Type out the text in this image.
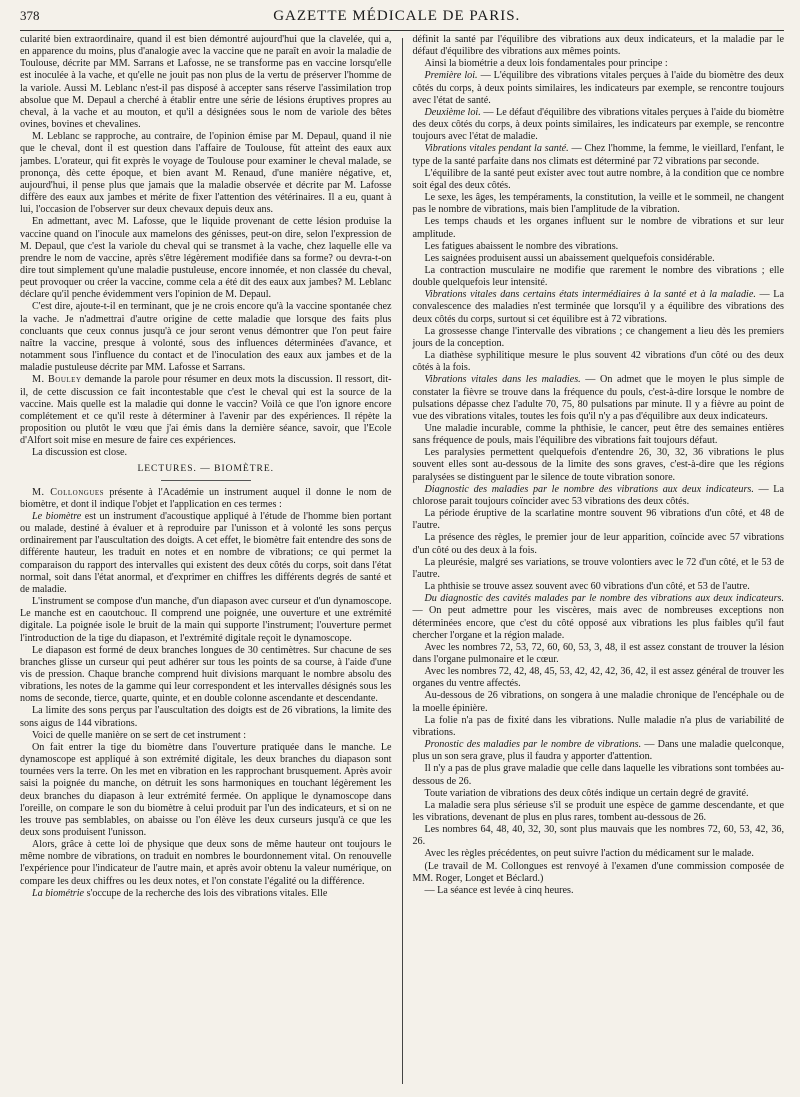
378	GAZETTE MÉDICALE DE PARIS.

cularité bien extraordinaire, quand il est bien démontré aujourd'hui que la clavelée, qui a, en apparence du moins, plus d'analogie avec la vaccine que ne paraît en avoir la maladie de Toulouse, décrite par MM. Sarrans et Lafosse, ne se transforme pas en vaccine lorsqu'elle est inoculée à la vache, et qu'elle ne jouit pas non plus de la vertu de préserver l'homme de la variole. Aussi M. Leblanc n'est-il pas disposé à accepter sans réserve l'assimilation trop absolue que M. Depaul a cherché à établir entre une série de lésions éruptives propres au cheval, à la vache et au mouton, et qu'il a désignées sous le nom de variole des bêtes ovines, bovines et chevalines.

M. Leblanc se rapproche, au contraire, de l'opinion émise par M. Depaul, quand il nie que le cheval, dont il est question dans l'affaire de Toulouse, fût atteint des eaux aux jambes. L'orateur, qui fit exprès le voyage de Toulouse pour examiner le cheval malade, se prononça, dès cette époque, et bien avant M. Renaud, d'une manière négative, et, aujourd'hui, il pense plus que jamais que la maladie observée et décrite par M. Lafosse diffère des eaux aux jambes et mérite de fixer l'attention des vétérinaires. Il a eu, quant à lui, l'occasion de l'observer sur deux chevaux depuis deux ans.

En admettant, avec M. Lafosse, que le liquide provenant de cette lésion produise la vaccine quand on l'inocule aux mamelons des génisses, peut-on dire, selon l'expression de M. Depaul, que c'est la variole du cheval qui se transmet à la vache, chez laquelle elle va prendre le nom de vaccine, après s'être légèrement modifiée dans sa forme? ou devra-t-on dire tout simplement qu'une maladie pustuleuse, encore innomée, et non classée du cheval, peut provoquer ou créer la vaccine, comme cela a été dit des eaux aux jambes? M. Leblanc déclare qu'il penche évidemment vers l'opinion de M. Depaul.

C'est dire, ajoute-t-il en terminant, que je ne crois encore qu'à la vaccine spontanée chez la vache. Je n'admettrai d'autre origine de cette maladie que lorsque des faits plus concluants que ceux connus jusqu'à ce jour seront venus démontrer que l'on peut faire naître la vaccine, presque à volonté, sous des influences déterminées d'avance, et notamment sous l'influence du contact et de l'inoculation des eaux aux jambes et de la maladie pustuleuse décrite par MM. Lafosse et Sarrans.

M. Bouley demande la parole pour résumer en deux mots la discussion. Il ressort, dit-il, de cette discussion ce fait incontestable que c'est le cheval qui est la source de la vaccine. Mais quelle est la maladie qui donne le vaccin? Voilà ce que l'on ignore encore complétement et ce qu'il reste à déterminer à l'avenir par des expériences. Il répète la proposition ou plutôt le vœu que j'ai émis dans la dernière séance, savoir, que l'Ecole d'Alfort soit mise en mesure de faire ces expériences.

La discussion est close.

LECTURES. — BIOMÈTRE.

M. Collongues présente à l'Académie un instrument auquel il donne le nom de biomètre, et dont il indique l'objet et l'application en ces termes :

Le biomètre est un instrument d'acoustique appliqué à l'étude de l'homme bien portant ou malade, destiné à évaluer et à reproduire par l'unisson et à volonté les sons perçus ordinairement par l'auscultation des doigts. A cet effet, le biomètre fait entendre des sons de différente hauteur, les traduit en notes et en nombre de vibrations; ce qui permet la comparaison du rapport des intervalles qui existent des deux côtés du corps, soit dans l'état normal, soit dans l'état anormal, et d'exprimer en chiffres les différents degrés de santé et de maladie.

L'instrument se compose d'un manche, d'un diapason avec curseur et d'un dynamoscope. Le manche est en caoutchouc. Il comprend une poignée, une ouverture et une extrémité digitale. La poignée isole le bruit de la main qui supporte l'instrument; l'ouverture permet l'introduction de la tige du diapason, et l'extrémité digitale reçoit le dynamoscope.

Le diapason est formé de deux branches longues de 30 centimètres. Sur chacune de ses branches glisse un curseur qui peut adhérer sur tous les points de sa course, à l'aide d'une vis de pression. Chaque branche comprend huit divisions marquant le nombre absolu des vibrations, les notes de la gamme qui leur correspondent et les intervalles désignés sous les noms de seconde, tierce, quarte, quinte, et en double colonne ascendante et descendante.

La limite des sons perçus par l'auscultation des doigts est de 26 vibrations, la limite des sons aigus de 144 vibrations.

Voici de quelle manière on se sert de cet instrument :

On fait entrer la tige du biomètre dans l'ouverture pratiquée dans le manche. Le dynamoscope est appliqué à son extrémité digitale, les deux branches du diapason sont tournées vers la terre. On les met en vibration en les rapprochant brusquement. Après avoir saisi la poignée du manche, on détruit les sons harmoniques en touchant légèrement les deux branches du diapason à leur extrémité fermée. On applique le dynamoscope dans l'oreille, on compare le son du biomètre à celui produit par l'un des indicateurs, et si on ne les trouve pas semblables, on abaisse ou l'on élève les deux curseurs jusqu'à ce que les deux sons produisent l'unisson.

Alors, grâce à cette loi de physique que deux sons de même hauteur ont toujours le même nombre de vibrations, on traduit en nombres le bourdonnement vital. On renouvelle l'expérience pour l'indicateur de l'autre main, et après avoir obtenu la valeur numérique, on compare les deux chiffres ou les deux notes, et l'on constate l'égalité ou la différence.

La biométrie s'occupe de la recherche des lois des vibrations vitales. Elle

définit la santé par l'équilibre des vibrations aux deux indicateurs, et la maladie par le défaut d'équilibre des vibrations aux mêmes points.

Ainsi la biométrie a deux lois fondamentales pour principe :

Première loi. — L'équilibre des vibrations vitales perçues à l'aide du biomètre des deux côtés du corps, à deux points similaires, les indicateurs par exemple, se rencontre toujours avec l'état de santé.

Deuxième loi. — Le défaut d'équilibre des vibrations vitales perçues à l'aide du biomètre des deux côtés du corps, à deux points similaires, les indicateurs par exemple, se rencontre toujours avec l'état de maladie.

Vibrations vitales pendant la santé. — Chez l'homme, la femme, le vieillard, l'enfant, le type de la santé parfaite dans nos climats est déterminé par 72 vibrations par seconde.

L'équilibre de la santé peut exister avec tout autre nombre, à la condition que ce nombre soit égal des deux côtés.

Le sexe, les âges, les tempéraments, la constitution, la veille et le sommeil, ne changent pas le nombre de vibrations, mais bien l'amplitude de la vibration.

Les temps chauds et les organes influent sur le nombre de vibrations et sur leur amplitude.

Les fatigues abaissent le nombre des vibrations.

Les saignées produisent aussi un abaissement quelquefois considérable.

La contraction musculaire ne modifie que rarement le nombre des vibrations ; elle double quelquefois leur intensité.

Vibrations vitales dans certains états intermédiaires à la santé et à la maladie. — La convalescence des maladies n'est terminée que lorsqu'il y a équilibre des vibrations des deux côtés du corps, surtout si cet équilibre est à 72 vibrations.

La grossesse change l'intervalle des vibrations ; ce changement a lieu dès les premiers jours de la conception.

La diathèse syphilitique mesure le plus souvent 42 vibrations d'un côté ou des deux côtés à la fois.

Vibrations vitales dans les maladies. — On admet que le moyen le plus simple de constater la fièvre se trouve dans la fréquence du pouls, c'est-à-dire lorsque le nombre de pulsations dépasse chez l'adulte 70, 75, 80 pulsations par minute. Il y a fièvre au point de vue des vibrations vitales, toutes les fois qu'il n'y a pas d'équilibre aux deux indicateurs.

Une maladie incurable, comme la phthisie, le cancer, peut être des semaines entières sans fréquence de pouls, mais l'équilibre des vibrations fait toujours défaut.

Les paralysies permettent quelquefois d'entendre 26, 30, 32, 36 vibrations le plus souvent elles sont au-dessous de la limite des sons graves, c'est-à-dire que les régions paralysées se distinguent par le silence de toute vibration sonore.

Diagnostic des maladies par le nombre des vibrations aux deux indicateurs. — La chlorose parait toujours coïncider avec 53 vibrations des deux côtés.

La période éruptive de la scarlatine montre souvent 96 vibrations d'un côté, et 48 de l'autre.

La présence des règles, le premier jour de leur apparition, coïncide avec 57 vibrations d'un côté ou des deux à la fois.

La pleurésie, malgré ses variations, se trouve volontiers avec le 72 d'un côté, et le 53 de l'autre.

La phthisie se trouve assez souvent avec 60 vibrations d'un côté, et 53 de l'autre.

Du diagnostic des cavités malades par le nombre des vibrations aux deux indicateurs. — On peut admettre pour les viscères, mais avec de nombreuses exceptions non déterminées encore, que c'est du côté opposé aux vibrations les plus faibles qu'il faut chercher l'organe et la région malade.

Avec les nombres 72, 53, 72, 60, 60, 53, 3, 48, il est assez constant de trouver la lésion dans l'organe pulmonaire et le cœur.

Avec les nombres 72, 42, 48, 45, 53, 42, 42, 42, 36, 42, il est assez général de trouver les organes du ventre affectés.

Au-dessous de 26 vibrations, on songera à une maladie chronique de l'encéphale ou de la moelle épinière.

La folie n'a pas de fixité dans les vibrations. Nulle maladie n'a plus de variabilité de vibrations.

Pronostic des maladies par le nombre de vibrations. — Dans une maladie quelconque, plus un son sera grave, plus il faudra y apporter d'attention.

Il n'y a pas de plus grave maladie que celle dans laquelle les vibrations sont tombées au-dessous de 26.

Toute variation de vibrations des deux côtés indique un certain degré de gravité.

La maladie sera plus sérieuse s'il se produit une espèce de gamme descendante, et que les vibrations, devenant de plus en plus rares, tombent au-dessous de 26.

Les nombres 64, 48, 40, 32, 30, sont plus mauvais que les nombres 72, 60, 53, 42, 36, 26.

Avec les règles précédentes, on peut suivre l'action du médicament sur le malade.

(Le travail de M. Collongues est renvoyé à l'examen d'une commission composée de MM. Roger, Longet et Béclard.)

— La séance est levée à cinq heures.
